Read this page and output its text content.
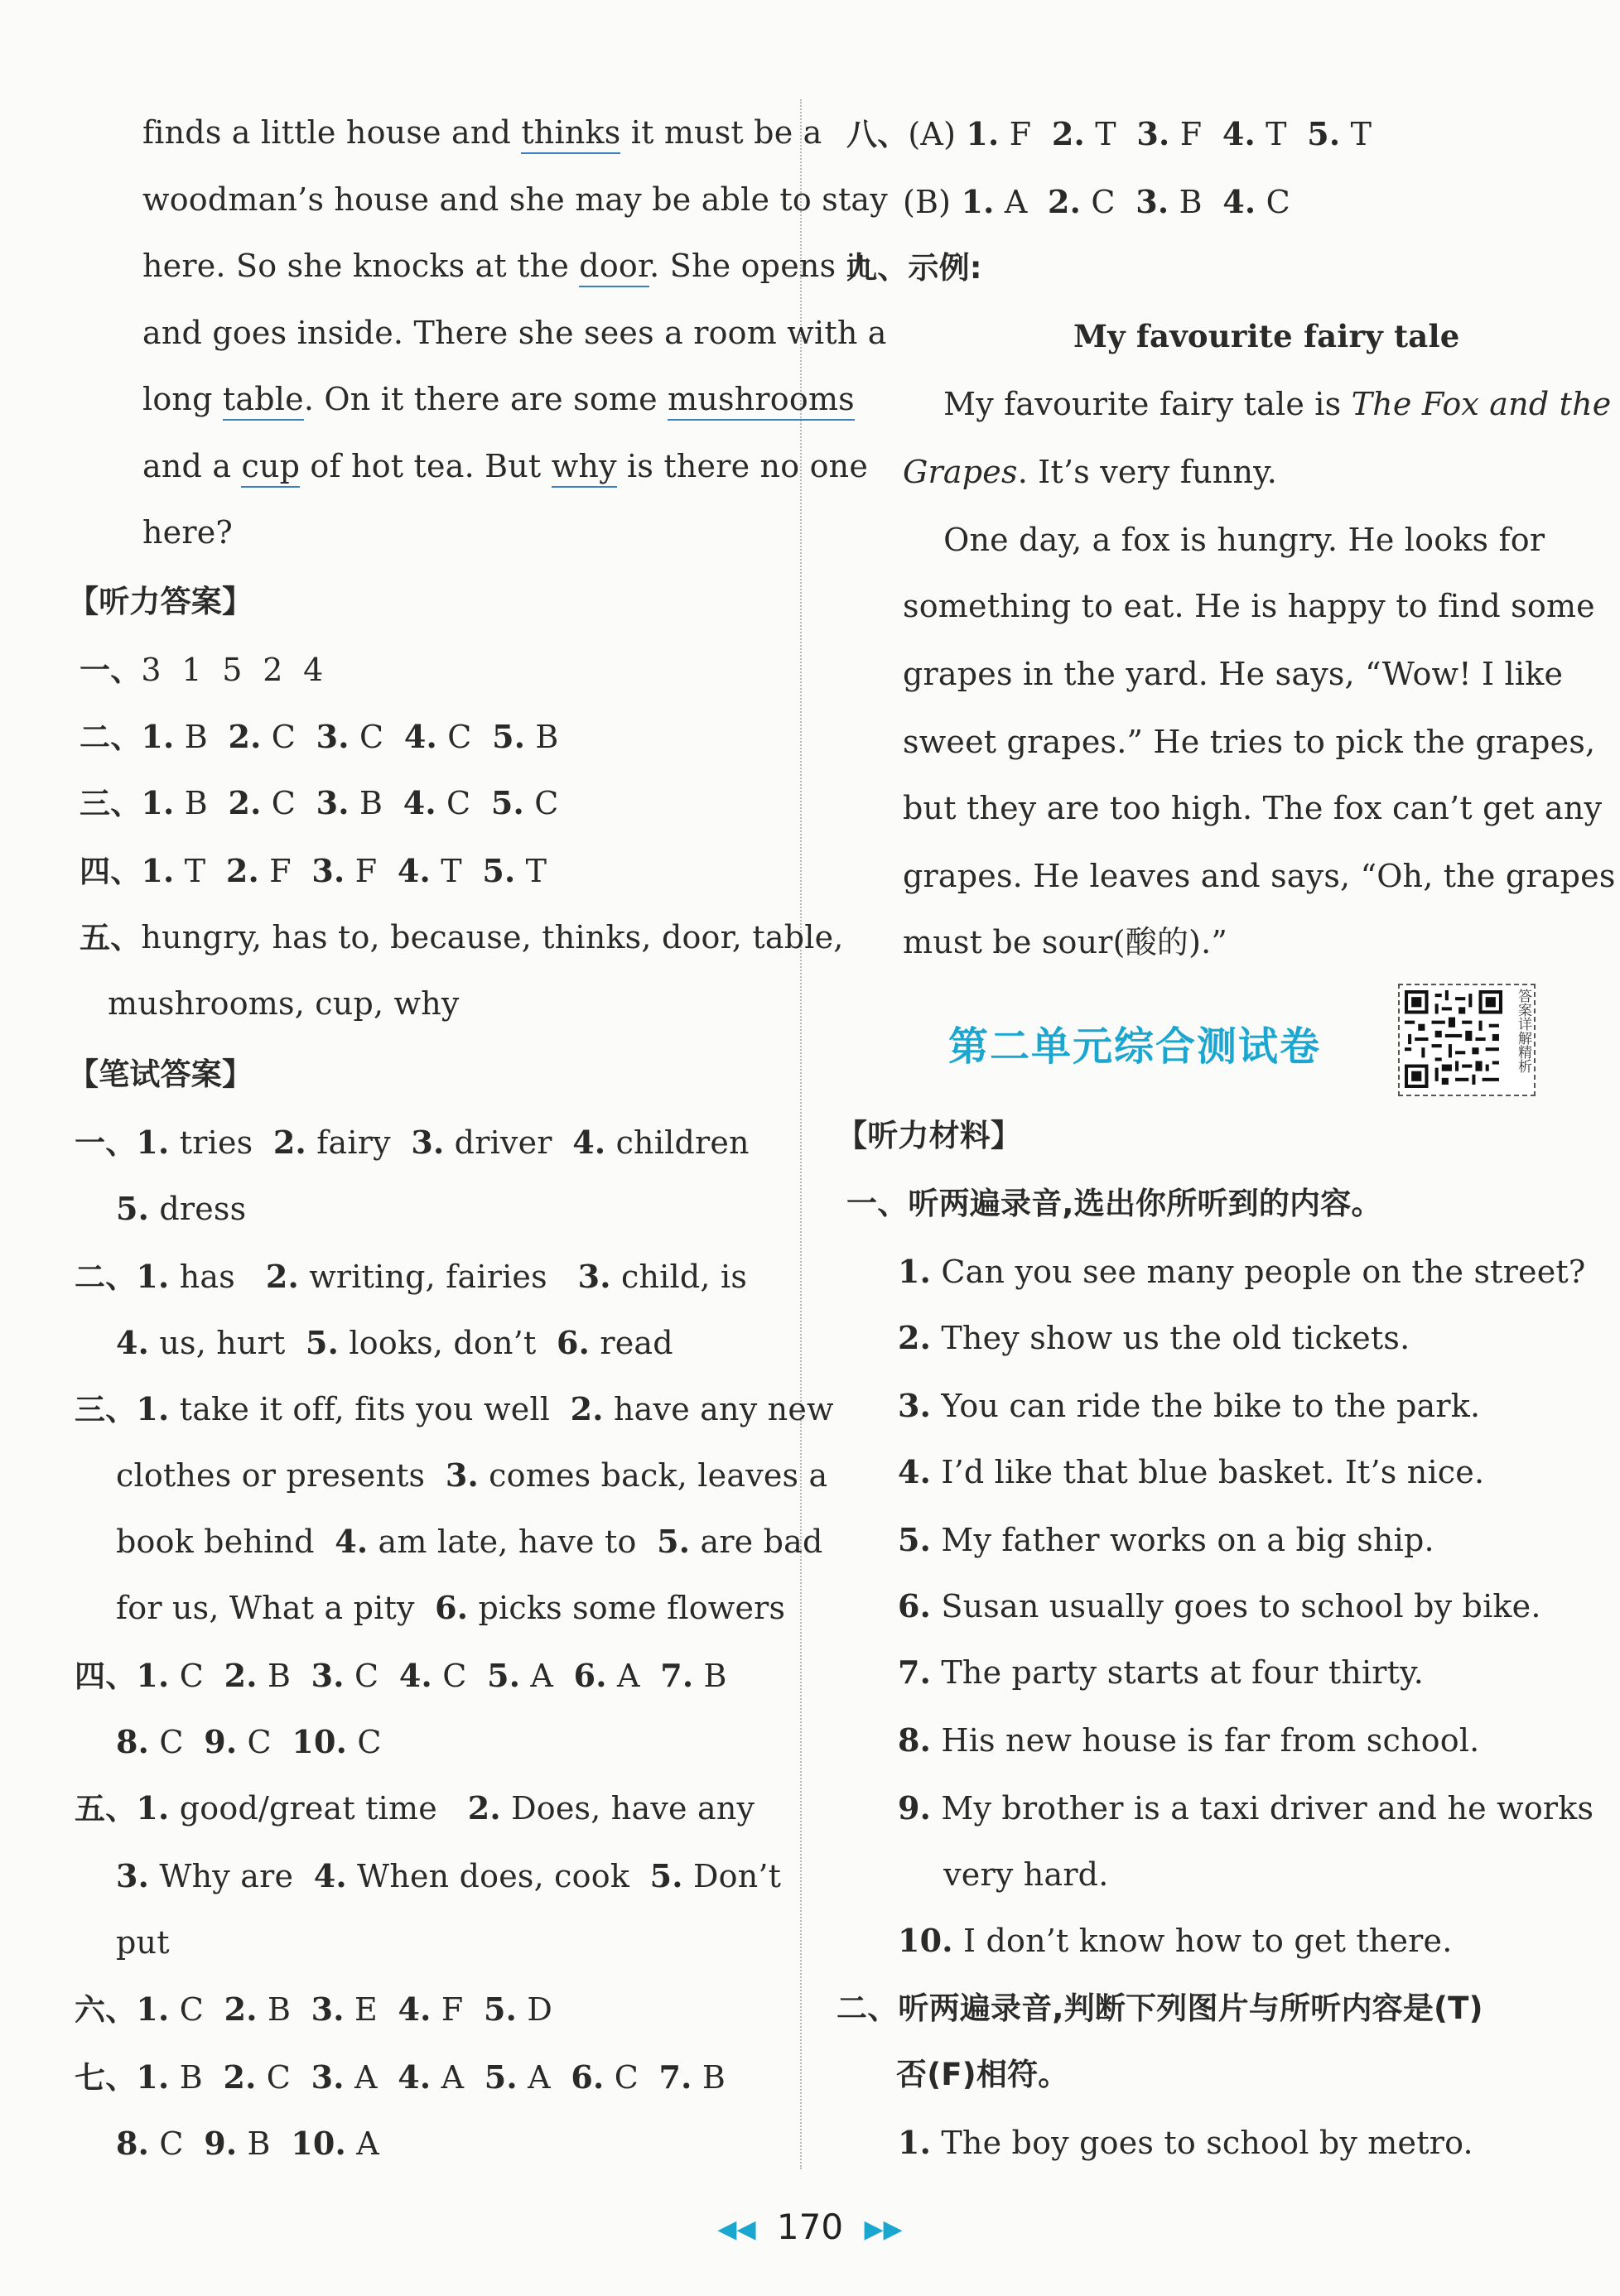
finds a little house and thinks it must be a
woodman’s house and she may be able to stay
here. So she knocks at the door. She opens it
and goes inside. There she sees a room with a
long table. On it there are some mushrooms
and a cup of hot tea. But why is there no one
here?
【听力答案】
一、3  1  5  2  4
二、1. B  2. C  3. C  4. C  5. B
三、1. B  2. C  3. B  4. C  5. C
四、1. T  2. F  3. F  4. T  5. T
五、hungry, has to, because, thinks, door, table,
mushrooms, cup, why
【笔试答案】
一、1. tries  2. fairy  3. driver  4. children
5. dress
二、1. has   2. writing, fairies   3. child, is
4. us, hurt  5. looks, don’t  6. read
三、1. take it off, fits you well  2. have any new
clothes or presents  3. comes back, leaves a
book behind  4. am late, have to  5. are bad
for us, What a pity  6. picks some flowers
四、1. C  2. B  3. C  4. C  5. A  6. A  7. B
8. C  9. C  10. C
五、1. good/great time   2. Does, have any
3. Why are  4. When does, cook  5. Don’t
put
六、1. C  2. B  3. E  4. F  5. D
七、1. B  2. C  3. A  4. A  5. A  6. C  7. B
8. C  9. B  10. A
八、(A) 1. F  2. T  3. F  4. T  5. T
(B) 1. A  2. C  3. B  4. C
九、示例:
My favourite fairy tale
My favourite fairy tale is The Fox and the
Grapes. It’s very funny.
One day, a fox is hungry. He looks for
something to eat. He is happy to find some
grapes in the yard. He says, “Wow! I like
sweet grapes.” He tries to pick the grapes,
but they are too high. The fox can’t get any
grapes. He leaves and says, “Oh, the grapes
must be sour(酸的).”
【听力材料】
一、听两遍录音,选出你所听到的内容。
1. Can you see many people on the street?
2. They show us the old tickets.
3. You can ride the bike to the park.
4. I’d like that blue basket. It’s nice.
5. My father works on a big ship.
6. Susan usually goes to school by bike.
7. The party starts at four thirty.
8. His new house is far from school.
9. My brother is a taxi driver and he works
very hard.
10. I don’t know how to get there.
二、听两遍录音,判断下列图片与所听内容是(T)
否(F)相符。
1. The boy goes to school by metro.
第二单元综合测试卷	答案详解精析
◀◀ 170 ▶▶
